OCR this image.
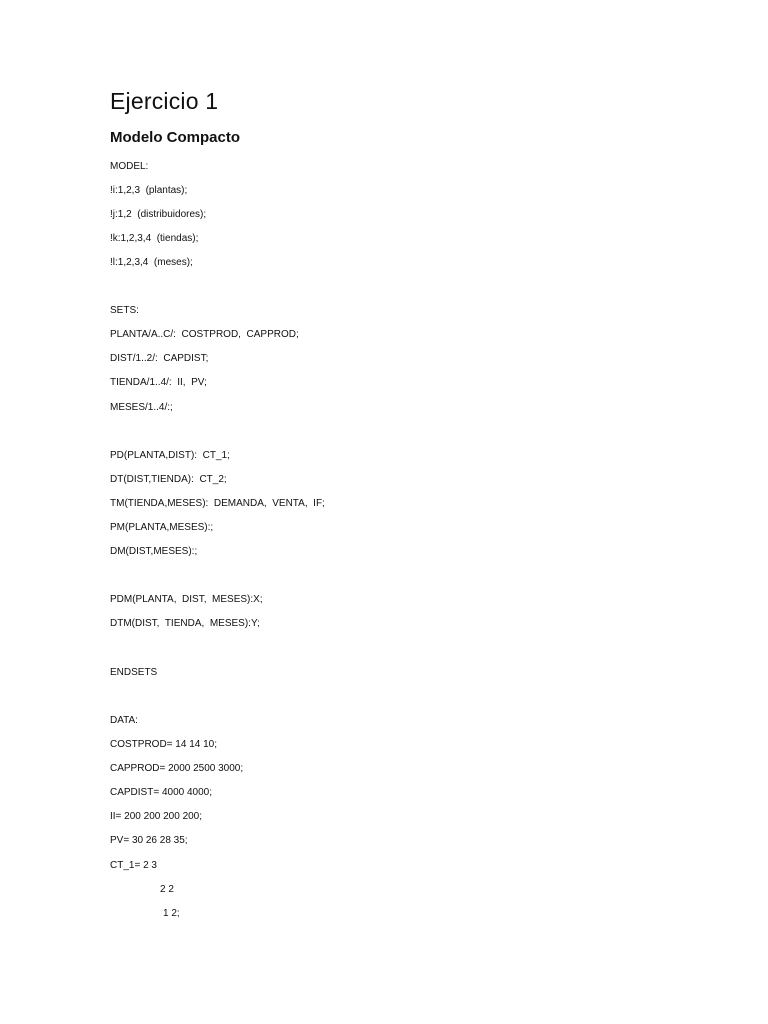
Ejercicio 1
Modelo Compacto

MODEL:

!i:1,2,3  (plantas);

!j:1,2  (distribuidores);

!k:1,2,3,4  (tiendas);

!l:1,2,3,4  (meses);

SETS:

PLANTA/A..C/:  COSTPROD,  CAPPROD;

DIST/1..2/:  CAPDIST;

TIENDA/1..4/:  II,  PV;

MESES/1..4/:;

PD(PLANTA,DIST):  CT_1;

DT(DIST,TIENDA):  CT_2;

TM(TIENDA,MESES):  DEMANDA,  VENTA,  IF;

PM(PLANTA,MESES):;

DM(DIST,MESES):;

PDM(PLANTA,  DIST,  MESES):X;

DTM(DIST,  TIENDA,  MESES):Y;

ENDSETS

DATA:

COSTPROD= 14 14 10;

CAPPROD= 2000 2500 3000;

CAPDIST= 4000 4000;

II= 200 200 200 200;

PV= 30 26 28 35;

CT_1= 2 3

2 2

1 2;
